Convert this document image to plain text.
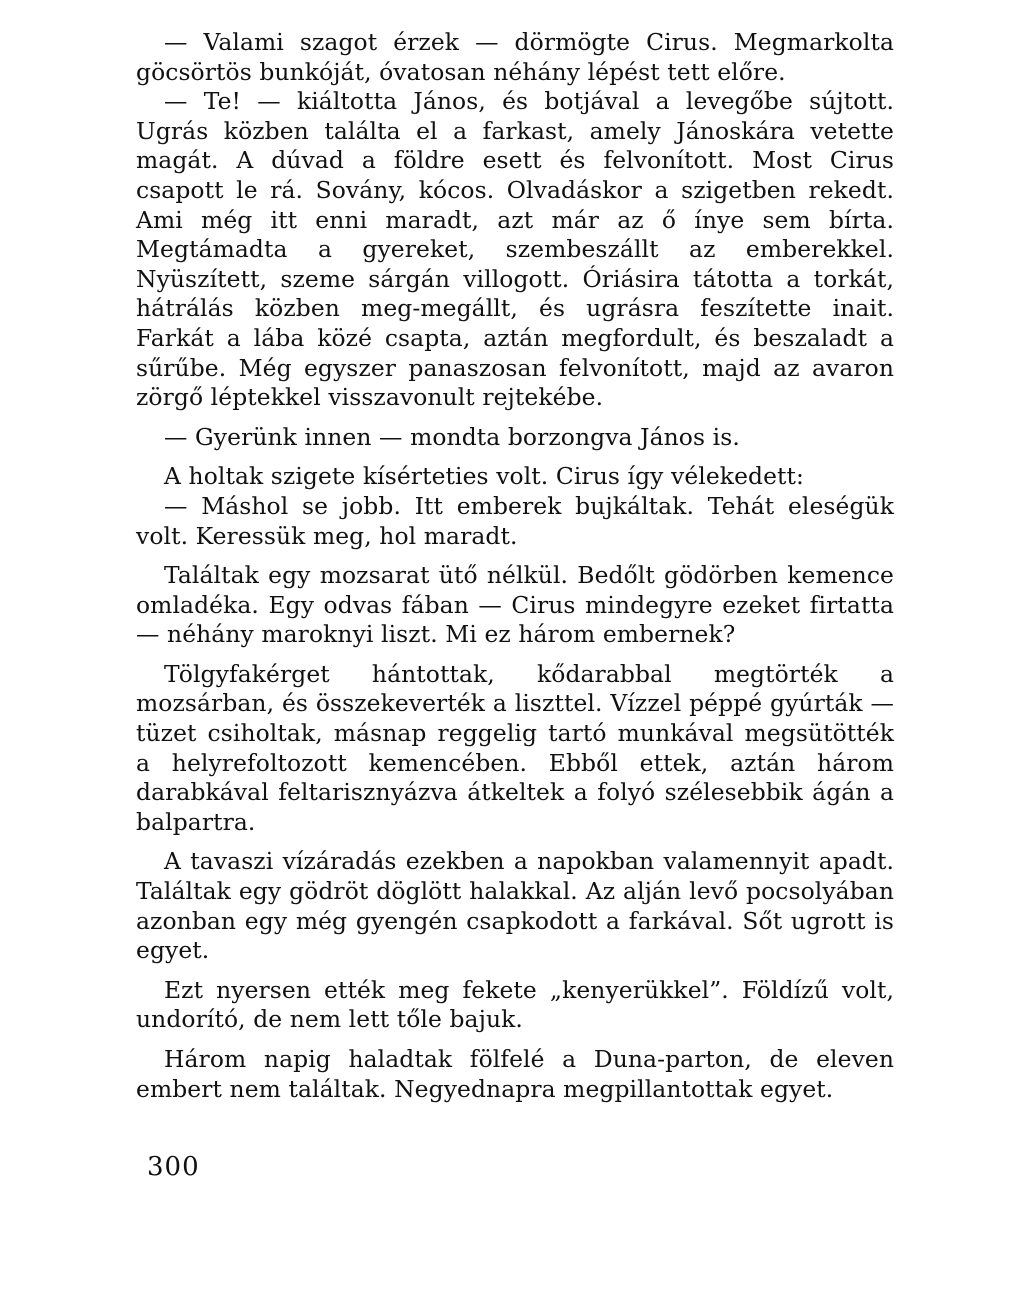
— Valami szagot érzek — dörmögte Cirus. Megmarkolta göcsörtös bunkóját, óvatosan néhány lépést tett előre.

— Te! — kiáltotta János, és botjával a levegőbe sújtott. Ugrás közben találta el a farkast, amely Jánoskára vetette magát. A dúvad a földre esett és felvonított. Most Cirus csapott le rá. Sovány, kócos. Olvadáskor a szigetben rekedt. Ami még itt enni maradt, azt már az ő ínye sem bírta. Megtámadta a gyereket, szembeszállt az emberekkel. Nyüszített, szeme sárgán villogott. Óriásira tátotta a torkát, hátrálás közben meg-megállt, és ugrásra feszítette inait. Farkát a lába közé csapta, aztán megfordult, és beszaladt a sűrűbe. Még egyszer panaszosan felvonított, majd az avaron zörgő léptekkel visszavonult rejtekébe.

— Gyerünk innen — mondta borzongva János is.

A holtak szigete kísérteties volt. Cirus így vélekedett:

— Máshol se jobb. Itt emberek bujkáltak. Tehát eleségük volt. Keressük meg, hol maradt.

Találtak egy mozsarat ütő nélkül. Bedőlt gödörben kemence omladéka. Egy odvas fában — Cirus mindegyre ezeket firtatta — néhány maroknyi liszt. Mi ez három embernek?

Tölgyfakérget hántottak, kődarabbal megtörték a mozsárban, és összekeverték a liszttel. Vízzel péppé gyúrták — tüzet csiholtak, másnap reggelig tartó munkával megsütötték a helyrefoltozott kemencében. Ebből ettek, aztán három darabkával feltarisznyázva átkeltek a folyó szélesebbik ágán a balpartra.

A tavaszi vízáradás ezekben a napokban valamennyit apadt. Találtak egy gödröt döglött halakkal. Az alján levő pocsolyában azonban egy még gyengén csapkodott a farkával. Sőt ugrott is egyet.

Ezt nyersen ették meg fekete „kenyerükkel”. Földízű volt, undorító, de nem lett tőle bajuk.

Három napig haladtak fölfelé a Duna-parton, de eleven embert nem találtak. Negyednapra megpillantottak egyet.

300
